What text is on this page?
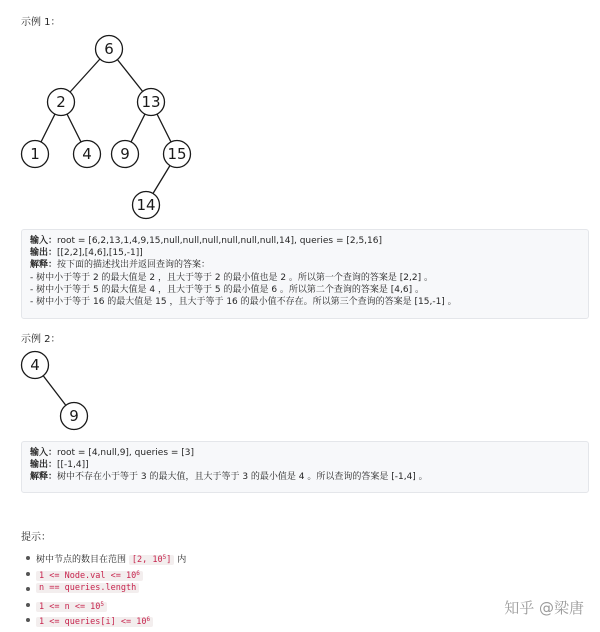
示例 1：
6
2	13
1	4 9	15
14
输入：root = [6,2,13,1,4,9,15,null,null,null,null,null,null,14], queries = [2,5,16]
输出：[[2,2],[4,6],[15,-1]]
解释：按下面的描述找出并返回查询的答案：
- 树中小于等于 2 的最大值是 2 ，且大于等于 2 的最小值也是 2 。所以第一个查询的答案是 [2,2] 。
- 树中小于等于 5 的最大值是 4 ，且大于等于 5 的最小值是 6 。所以第二个查询的答案是 [4,6] 。
- 树中小于等于 16 的最大值是 15 ，且大于等于 16 的最小值不存在。所以第三个查询的答案是 [15,-1] 。
示例 2：
4
9
输入：root = [4,null,9], queries = [3]
输出：[[-1,4]]
解释：树中不存在小于等于 3 的最大值，且大于等于 3 的最小值是 4 。所以查询的答案是 [-1,4] 。
提示：
树中节点的数目在范围 [2, $10^5$] 内
1 <= Node.val <= $10^6$
n == queries.length
$1 <= n <= 10^5$
1 <= queries[i] <= $10^6$
知乎 @梁唐
